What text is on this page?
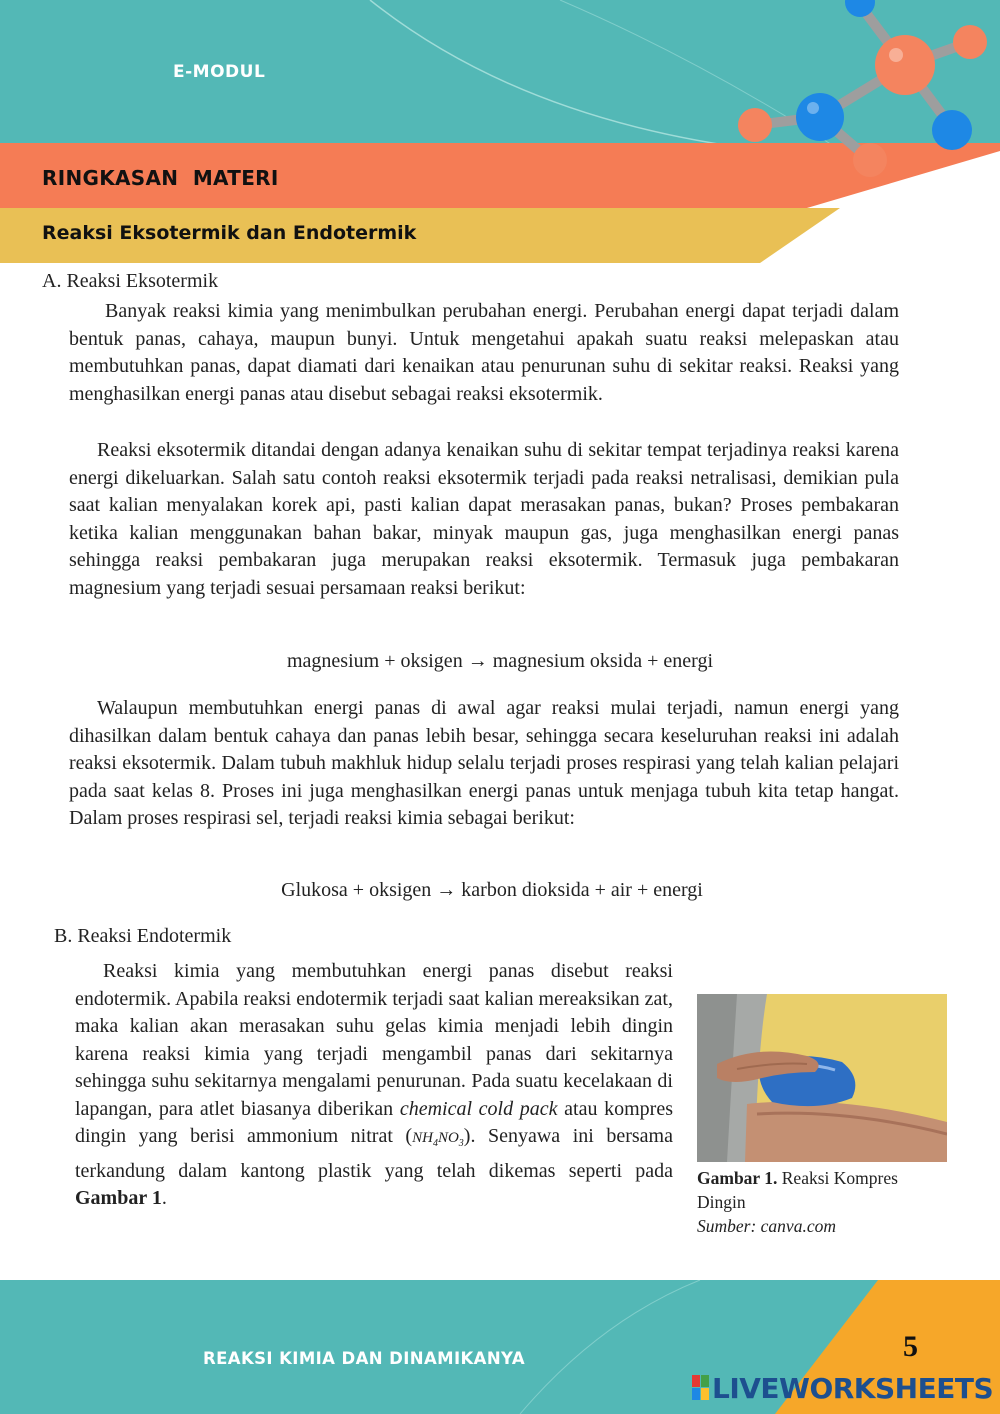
E-MODUL
RINGKASAN  MATERI
Reaksi Eksotermik dan Endotermik
A. Reaksi Eksotermik

Banyak reaksi kimia yang menimbulkan perubahan energi. Perubahan energi dapat terjadi dalam bentuk panas, cahaya, maupun bunyi. Untuk mengetahui apakah suatu reaksi melepaskan atau membutuhkan panas, dapat diamati dari kenaikan atau penurunan suhu di sekitar reaksi. Reaksi yang menghasilkan energi panas atau disebut sebagai reaksi eksotermik.

Reaksi eksotermik ditandai dengan adanya kenaikan suhu di sekitar tempat terjadinya reaksi karena energi dikeluarkan. Salah satu contoh reaksi eksotermik terjadi pada reaksi netralisasi, demikian pula saat kalian menyalakan korek api, pasti kalian dapat merasakan panas, bukan? Proses pembakaran ketika kalian menggunakan bahan bakar, minyak maupun gas, juga menghasilkan energi panas sehingga reaksi pembakaran juga merupakan reaksi eksotermik. Termasuk juga pembakaran magnesium yang terjadi sesuai persamaan reaksi berikut:

magnesium + oksigen → magnesium oksida + energi

Walaupun membutuhkan energi panas di awal agar reaksi mulai terjadi, namun energi yang dihasilkan dalam bentuk cahaya dan panas lebih besar, sehingga secara keseluruhan reaksi ini adalah reaksi eksotermik. Dalam tubuh makhluk hidup selalu terjadi proses respirasi yang telah kalian pelajari pada saat kelas 8. Proses ini juga menghasilkan energi panas untuk menjaga tubuh kita tetap hangat. Dalam proses respirasi sel, terjadi reaksi kimia sebagai berikut:

Glukosa + oksigen → karbon dioksida + air + energi
B. Reaksi Endotermik

Reaksi kimia yang membutuhkan energi panas disebut reaksi endotermik. Apabila reaksi endotermik terjadi saat kalian mereaksikan zat, maka kalian akan merasakan suhu gelas kimia menjadi lebih dingin karena reaksi kimia yang terjadi mengambil panas dari sekitarnya sehingga suhu sekitarnya mengalami penurunan. Pada suatu kecelakaan di lapangan, para atlet biasanya diberikan chemical cold pack atau kompres dingin yang berisi ammonium nitrat $(NH_4NO_3)$. Senyawa ini bersama terkandung dalam kantong plastik yang telah dikemas seperti pada Gambar 1.

Gambar 1. Reaksi Kompres Dingin
Sumber: canva.com
REAKSI KIMIA DAN DINAMIKANYA	5
LIVEWORKSHEETS
